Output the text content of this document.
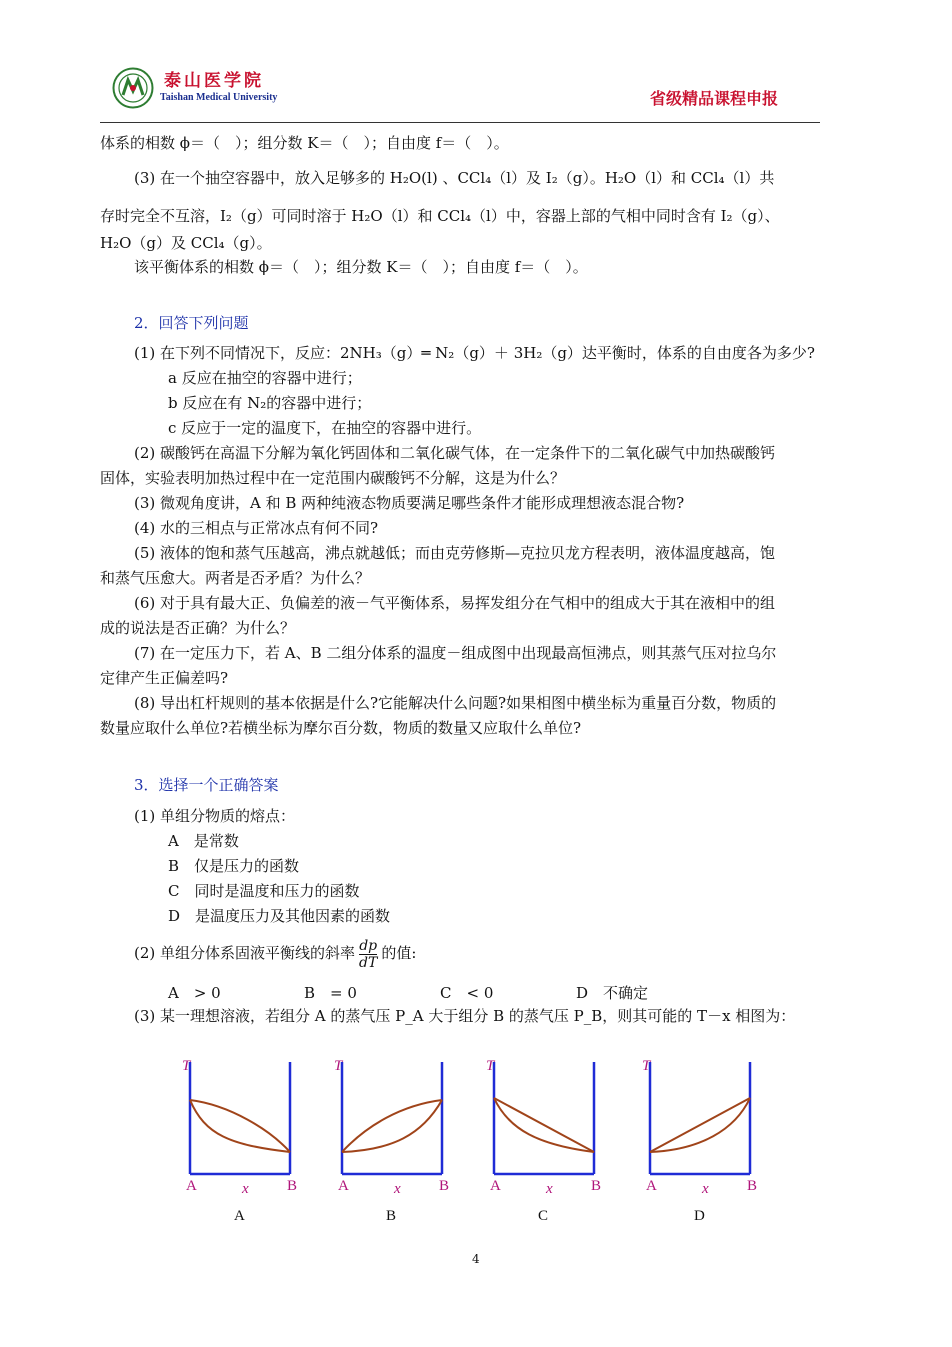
泰山医学院
Taishan Medical University	省级精品课程申报
体系的相数 ϕ＝（　）；组分数 K＝（　）；自由度 f＝（　）。
(3) 在一个抽空容器中，放入足够多的 H₂O(l) 、CCl₄（l）及 I₂（g）。H₂O（l）和 CCl₄（l）共
存时完全不互溶，I₂（g）可同时溶于 H₂O（l）和 CCl₄（l）中，容器上部的气相中同时含有 I₂（g）、
H₂O（g）及 CCl₄（g）。
该平衡体系的相数 ϕ＝（　）；组分数 K＝（　）；自由度 f＝（　）。
2．回答下列问题
(1) 在下列不同情况下，反应：2NH₃（g）═ N₂（g）＋ 3H₂（g）达平衡时，体系的自由度各为多少?
a 反应在抽空的容器中进行；
b 反应在有 N₂的容器中进行；
c 反应于一定的温度下，在抽空的容器中进行。
(2) 碳酸钙在高温下分解为氧化钙固体和二氧化碳气体，在一定条件下的二氧化碳气中加热碳酸钙
固体，实验表明加热过程中在一定范围内碳酸钙不分解，这是为什么？
(3) 微观角度讲，A 和 B 两种纯液态物质要满足哪些条件才能形成理想液态混合物?
(4) 水的三相点与正常冰点有何不同?
(5) 液体的饱和蒸气压越高，沸点就越低；而由克劳修斯—克拉贝龙方程表明，液体温度越高，饱
和蒸气压愈大。两者是否矛盾？为什么？
(6) 对于具有最大正、负偏差的液－气平衡体系，易挥发组分在气相中的组成大于其在液相中的组
成的说法是否正确？为什么？
(7) 在一定压力下，若 A、B 二组分体系的温度－组成图中出现最高恒沸点，则其蒸气压对拉乌尔
定律产生正偏差吗?
(8) 导出杠杆规则的基本依据是什么?它能解决什么问题?如果相图中横坐标为重量百分数，物质的
数量应取什么单位?若横坐标为摩尔百分数，物质的数量又应取什么单位?
3．选择一个正确答案
(1) 单组分物质的熔点：
A　是常数
B　仅是压力的函数
C　同时是温度和压力的函数
D　是温度压力及其他因素的函数
(2) 单组分体系固液平衡线的斜率 $\frac{dp}{dT}$ 的值:
A　> 0	B　= 0	C　< 0	D　不确定
(3) 某一理想溶液，若组分 A 的蒸气压 P_A 大于组分 B 的蒸气压 P_B，则其可能的 T－x 相图为：
T
A	x	B
A
T
A	x	B
B
T
A	x	B
C
T
A	x	B
D
4
